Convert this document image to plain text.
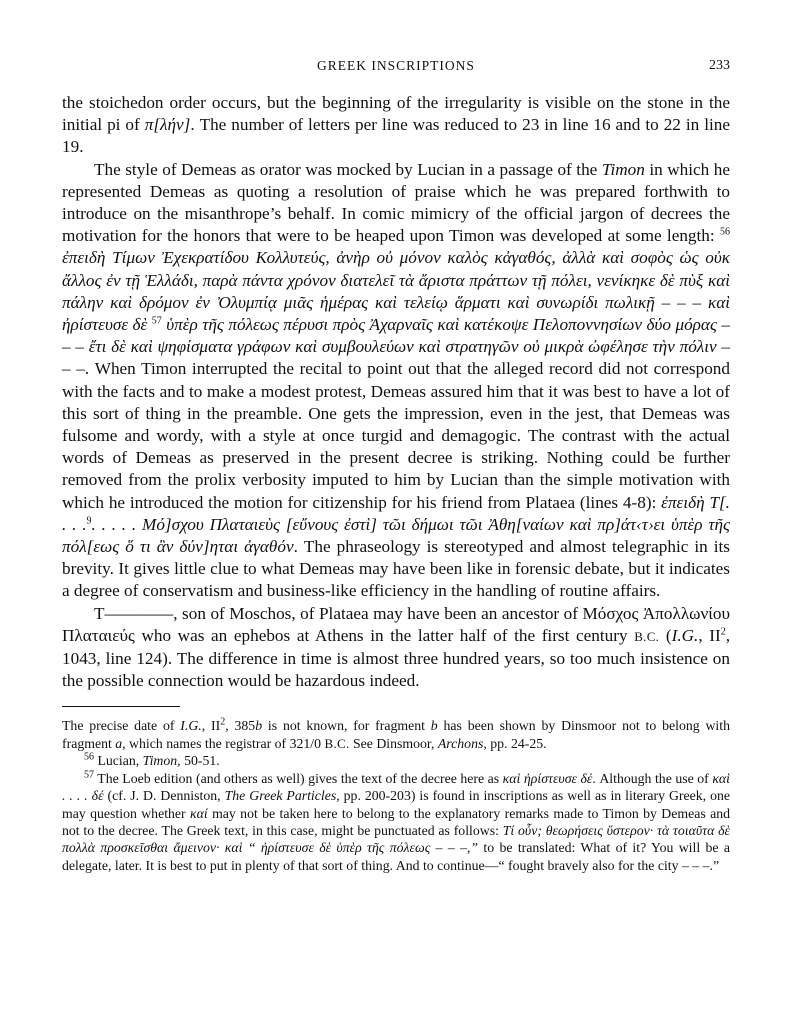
GREEK INSCRIPTIONS	233

the stoichedon order occurs, but the beginning of the irregularity is visible on the stone in the initial pi of π[λήν]. The number of letters per line was reduced to 23 in line 16 and to 22 in line 19.

The style of Demeas as orator was mocked by Lucian in a passage of the Timon in which he represented Demeas as quoting a resolution of praise which he was prepared forthwith to introduce on the misanthrope’s behalf. In comic mimicry of the official jargon of decrees the motivation for the honors that were to be heaped upon Timon was developed at some length: $^{56}$ ἐπειδὴ Τίμων Ἐχεκρατίδου Κολλυτεύς, ἀνὴρ οὐ μόνον καλὸς κἀγαθός, ἀλλὰ καὶ σοφὸς ὡς οὐκ ἄλλος ἐν τῇ Ἑλλάδι, παρὰ πάντα χρόνον διατελεῖ τὰ ἄριστα πράττων τῇ πόλει, νενίκηκε δὲ πὺξ καὶ πάλην καὶ δρόμον ἐν Ὀλυμπίᾳ μιᾶς ἡμέρας καὶ τελείῳ ἅρματι καὶ συνωρίδι πωλικῇ – – – καὶ ἠρίστευσε δὲ $^{57}$ ὑπὲρ τῆς πόλεως πέρυσι πρὸς Ἀχαρναῖς καὶ κατέκοψε Πελοποννησίων δύο μόρας – – – ἔτι δὲ καὶ ψηφίσματα γράφων καὶ συμβουλεύων καὶ στρατηγῶν οὐ μικρὰ ὠφέλησε τὴν πόλιν – – –. When Timon interrupted the recital to point out that the alleged record did not correspond with the facts and to make a modest protest, Demeas assured him that it was best to have a lot of this sort of thing in the preamble. One gets the impression, even in the jest, that Demeas was fulsome and wordy, with a style at once turgid and demagogic. The contrast with the actual words of Demeas as preserved in the present decree is striking. Nothing could be further removed from the prolix verbosity imputed to him by Lucian than the simple motivation with which he introduced the motion for citizenship for his friend from Plataea (lines 4-8): ἐπειδὴ Τ[. . . .$^9$. . . . . Μό]σχου Πλαταιεὺς [εὔνους ἐστὶ] τῶι δήμωι τῶι Ἀθη[ναίων καὶ πρ]άτ‹τ›ει ὑπὲρ τῆς πόλ[εως ὅ τι ἂν δύν]ηται ἀγαθόν. The phraseology is stereotyped and almost telegraphic in its brevity. It gives little clue to what Demeas may have been like in forensic debate, but it indicates a degree of conservatism and business-like efficiency in the handling of routine affairs.

T————, son of Moschos, of Plataea may have been an ancestor of Μόσχος Ἀπολλωνίου Πλαταιεύς who was an ephebos at Athens in the latter half of the first century B.C. (I.G., $II^2$, 1043, line 124). The difference in time is almost three hundred years, so too much insistence on the possible connection would be hazardous indeed.

The precise date of I.G., $II^2$, 385b is not known, for fragment b has been shown by Dinsmoor not to belong with fragment a, which names the registrar of 321/0 B.C. See Dinsmoor, Archons, pp. 24-25.

$^{56}$ Lucian, Timon, 50-51.

$^{57}$ The Loeb edition (and others as well) gives the text of the decree here as καὶ ἠρίστευσε δέ. Although the use of καὶ . . . . δέ (cf. J. D. Denniston, The Greek Particles, pp. 200-203) is found in inscriptions as well as in literary Greek, one may question whether καί may not be taken here to belong to the explanatory remarks made to Timon by Demeas and not to the decree. The Greek text, in this case, might be punctuated as follows: Τί οὖν; θεωρήσεις ὕστερον· τὰ τοιαῦτα δὲ πολλὰ προσκεῖσθαι ἄμεινον· καὶ “ ἠρίστευσε δὲ ὑπὲρ τῆς πόλεως – – –,” to be translated: What of it? You will be a delegate, later. It is best to put in plenty of that sort of thing. And to continue—“ fought bravely also for the city – – –.”
